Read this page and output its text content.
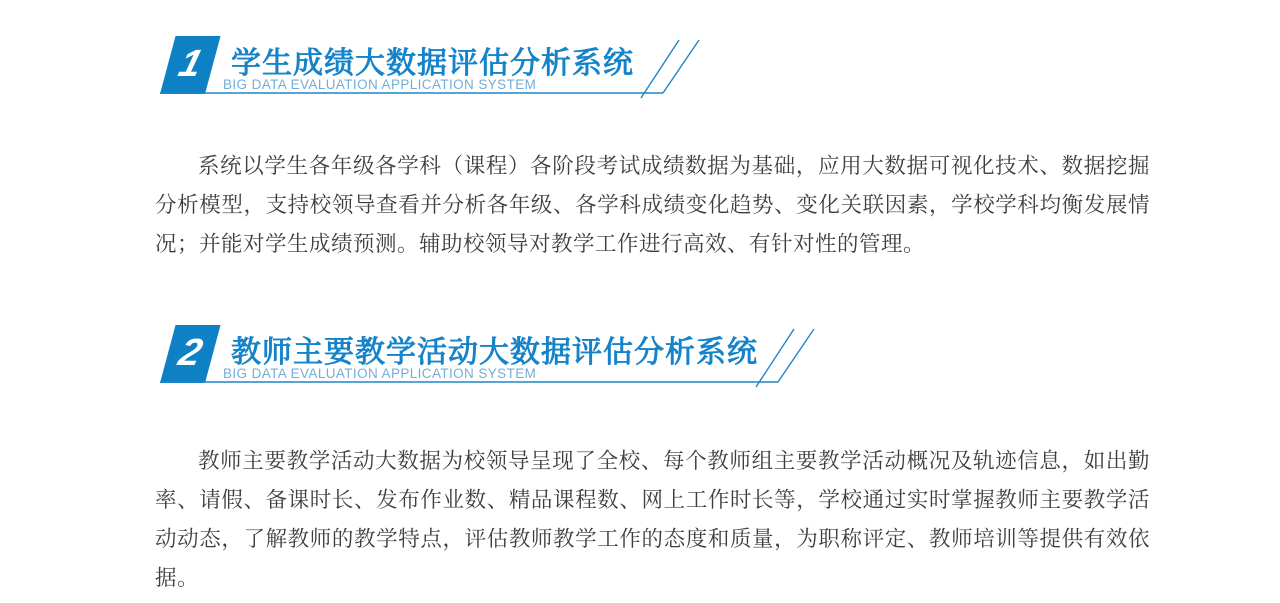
1 学生成绩大数据评估分析系统
BIG DATA EVALUATION APPLICATION SYSTEM
系统以学生各年级各学科（课程）各阶段考试成绩数据为基础，应用大数据可视化技术、数据挖掘分析模型，支持校领导查看并分析各年级、各学科成绩变化趋势、变化关联因素，学校学科均衡发展情况；并能对学生成绩预测。辅助校领导对教学工作进行高效、有针对性的管理。
2 教师主要教学活动大数据评估分析系统
BIG DATA EVALUATION APPLICATION SYSTEM
教师主要教学活动大数据为校领导呈现了全校、每个教师组主要教学活动概况及轨迹信息，如出勤率、请假、备课时长、发布作业数、精品课程数、网上工作时长等，学校通过实时掌握教师主要教学活动动态，了解教师的教学特点，评估教师教学工作的态度和质量，为职称评定、教师培训等提供有效依据。
